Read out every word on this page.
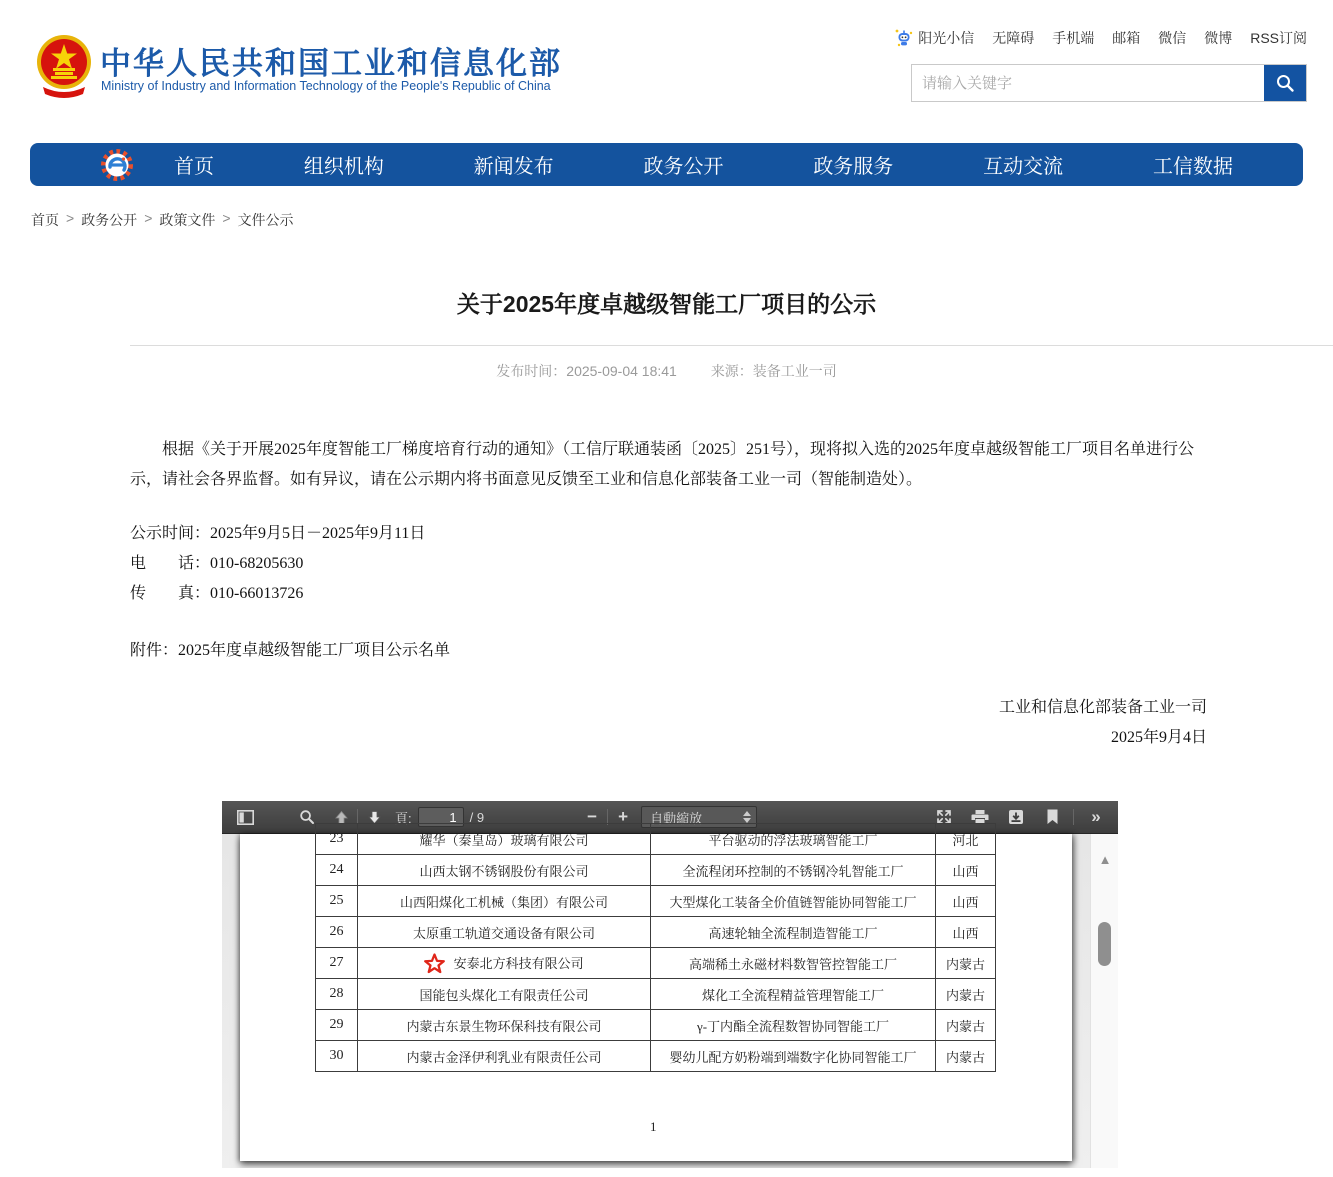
中华人民共和国工业和信息化部
Ministry of Industry and Information Technology of the People's Republic of China
阳光小信 无障碍 手机端 邮箱 微信 微博 RSS订阅
请输入关键字
首页	组织机构	新闻发布	政务公开	政务服务	互动交流	工信数据
首页 > 政务公开 > 政策文件 > 文件公示
关于2025年度卓越级智能工厂项目的公示
发布时间：2025-09-04 18:41 来源：装备工业一司
根据《关于开展2025年度智能工厂梯度培育行动的通知》（工信厅联通装函〔2025〕251号），现将拟入选的2025年度卓越级智能工厂项目名单进行公示，请社会各界监督。如有异议，请在公示期内将书面意见反馈至工业和信息化部装备工业一司（智能制造处）。
公示时间：2025年9月5日－2025年9月11日
电　　话：010-68205630
传　　真：010-66013726
附件：2025年度卓越级智能工厂项目公示名单
工业和信息化部装备工业一司
2025年9月4日
頁:
1	/ 9	−	+	自動縮放	»
23	耀华（秦皇岛）玻璃有限公司	平台驱动的浮法玻璃智能工厂	河北
24	山西太钢不锈钢股份有限公司	全流程闭环控制的不锈钢冷轧智能工厂	山西
25	山西阳煤化工机械（集团）有限公司	大型煤化工装备全价值链智能协同智能工厂	山西
26	太原重工轨道交通设备有限公司	高速轮轴全流程制造智能工厂	山西
27	安泰北方科技有限公司	高端稀土永磁材料数智管控智能工厂	内蒙古
28	国能包头煤化工有限责任公司	煤化工全流程精益管理智能工厂	内蒙古
29	内蒙古东景生物环保科技有限公司	γ-丁内酯全流程数智协同智能工厂	内蒙古
30	内蒙古金泽伊利乳业有限责任公司	婴幼儿配方奶粉端到端数字化协同智能工厂	内蒙古
1
▲
